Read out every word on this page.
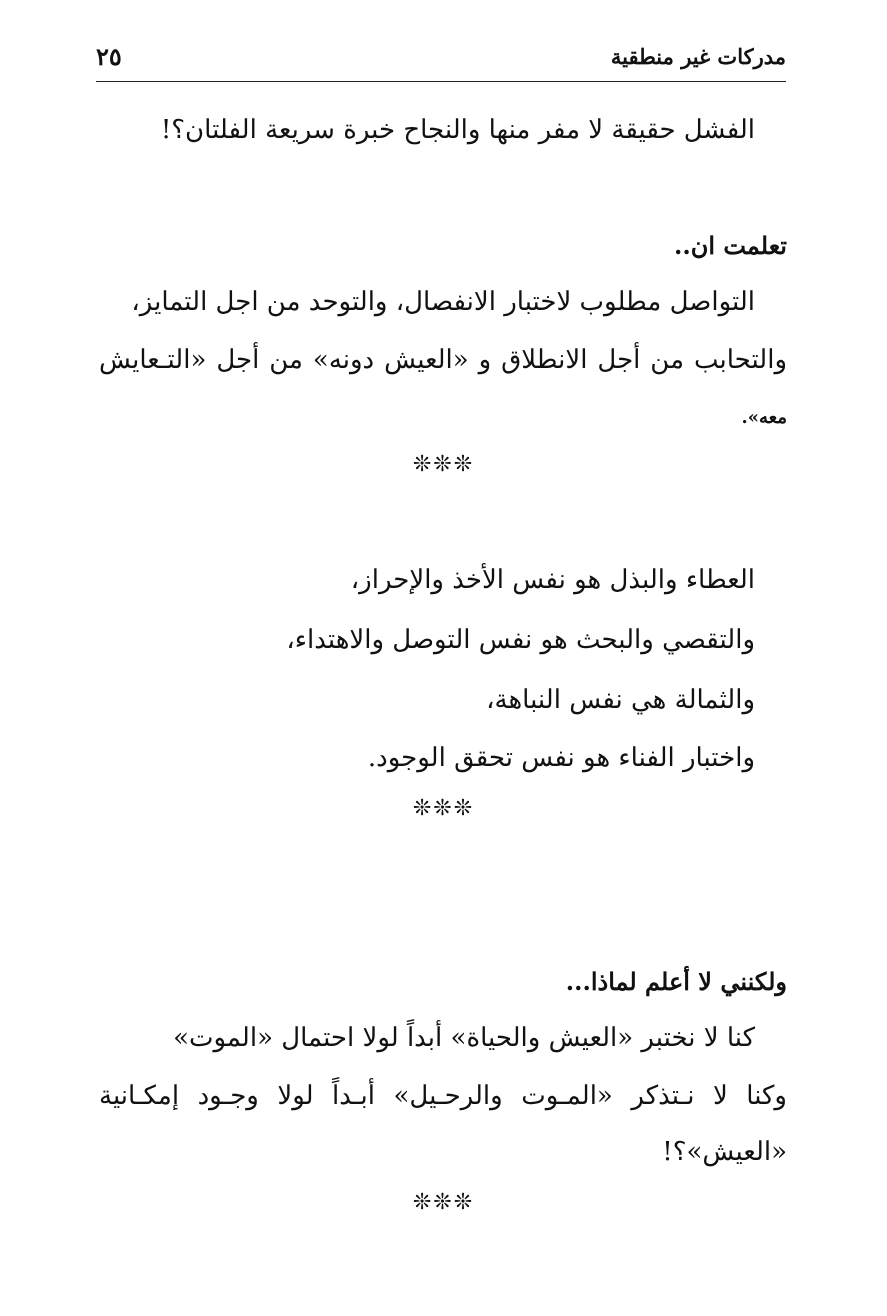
مدركات غير منطقية
٢٥
الفشل حقيقة لا مفر منها والنجاح خبرة سريعة الفلتان؟!
تعلمت ان..
التواصل مطلوب لاختبار الانفصال، والتوحد من اجل التمايز،
والتحابب من أجل الانطلاق و «العيش دونه» من أجل «التـعايش
معه».
❊❊❊
العطاء والبذل هو نفس الأخذ والإحراز،
والتقصي والبحث هو نفس التوصل والاهتداء،
والثمالة هي نفس النباهة،
واختبار الفناء هو نفس تحقق الوجود.
❊❊❊
ولكنني لا أعلم لماذا...
كنا لا نختبر «العيش والحياة» أبداً لولا احتمال «الموت»
وكنا لا نـتذكر «المـوت والرحـيل» أبـداً لولا وجـود إمكـانية
«العيش»؟!
❊❊❊
